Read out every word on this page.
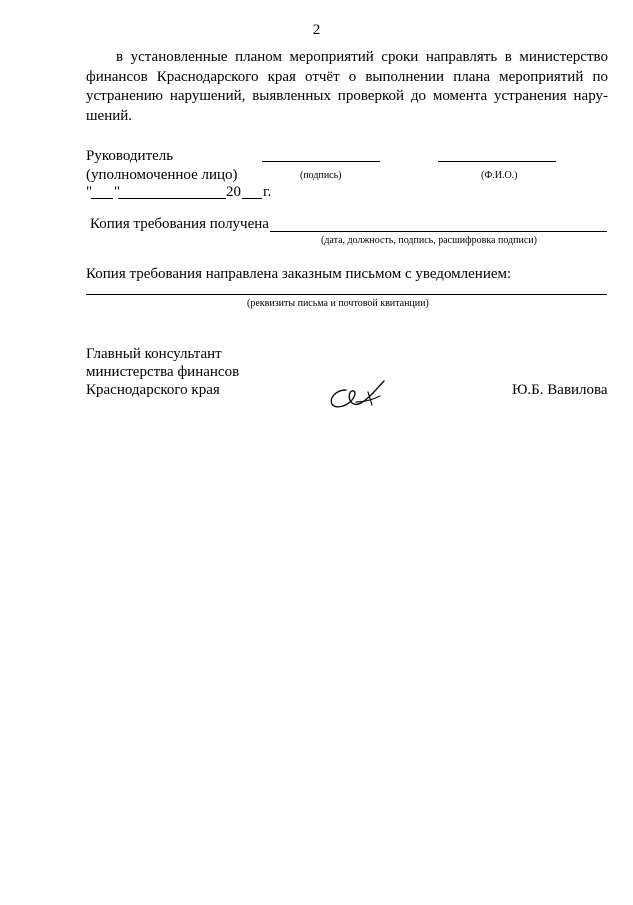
2
в установленные планом мероприятий сроки направлять в министерство финансов Краснодарского края отчёт о выполнении плана мероприятий по устранению нарушений, выявленных проверкой до момента устранения нару-шений.
Руководитель
(уполномоченное лицо)	(подпись)	(Ф.И.О.)
" "	20 г.
Копия требования получена
(дата, должность, подпись, расшифровка подписи)
Копия требования направлена заказным письмом с уведомлением:
(реквизиты письма и почтовой квитанции)
Главный консультант
министерства финансов
Краснодарского края	Ю.Б. Вавилова
